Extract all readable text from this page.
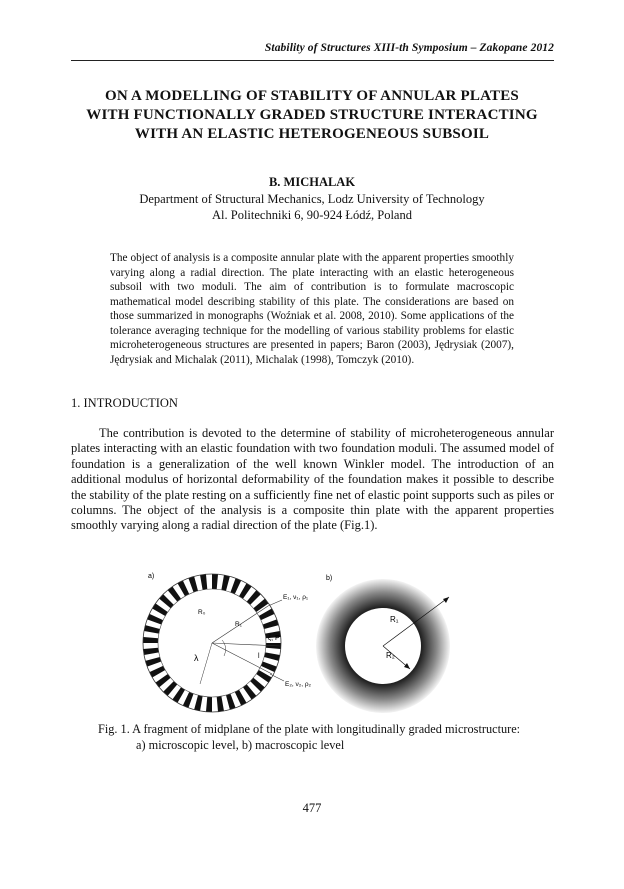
Stability of Structures XIII-th Symposium – Zakopane 2012
ON A MODELLING OF STABILITY OF ANNULAR PLATES
WITH FUNCTIONALLY GRADED STRUCTURE INTERACTING
WITH AN ELASTIC HETEROGENEOUS SUBSOIL
B. MICHALAK
Department of Structural Mechanics, Lodz University of Technology
Al. Politechniki 6, 90-924 Łódź, Poland
The object of analysis is a composite annular plate with the apparent properties smoothly varying along a radial direction. The plate interacting with an elastic heterogeneous subsoil with two moduli. The aim of contribution is to formulate macroscopic mathematical model describing stability of this plate. The considerations are based on those summarized in monographs (Woźniak et al. 2008, 2010). Some applications of the tolerance averaging technique for the modelling of various stability problems for elastic microheterogeneous structures are presented in papers; Baron (2003), Jędrysiak (2007), Jędrysiak and Michalak (2011), Michalak (1998), Tomczyk (2010).
1. INTRODUCTION
The contribution is devoted to the determine of stability of microheterogeneous annular plates interacting with an elastic foundation with two foundation moduli. The assumed model of foundation is a generalization of the well known Winkler model. The introduction of an additional modulus of horizontal deformability of the foundation makes it possible to describe the stability of the plate resting on a sufficiently fine net of elastic point supports such as piles or columns. The object of the analysis is a composite thin plate with the apparent properties smoothly varying along a radial direction of the plate (Fig.1).
a)
E₁, ν₁, ρ₁
E₂, ν₂, ρ₂
R₁
R₀
ξ, P
λ	l
b)
R₁
R₂
Fig. 1. A fragment of midplane of the plate with longitudinally graded microstructure:
a) microscopic level, b) macroscopic level
477
